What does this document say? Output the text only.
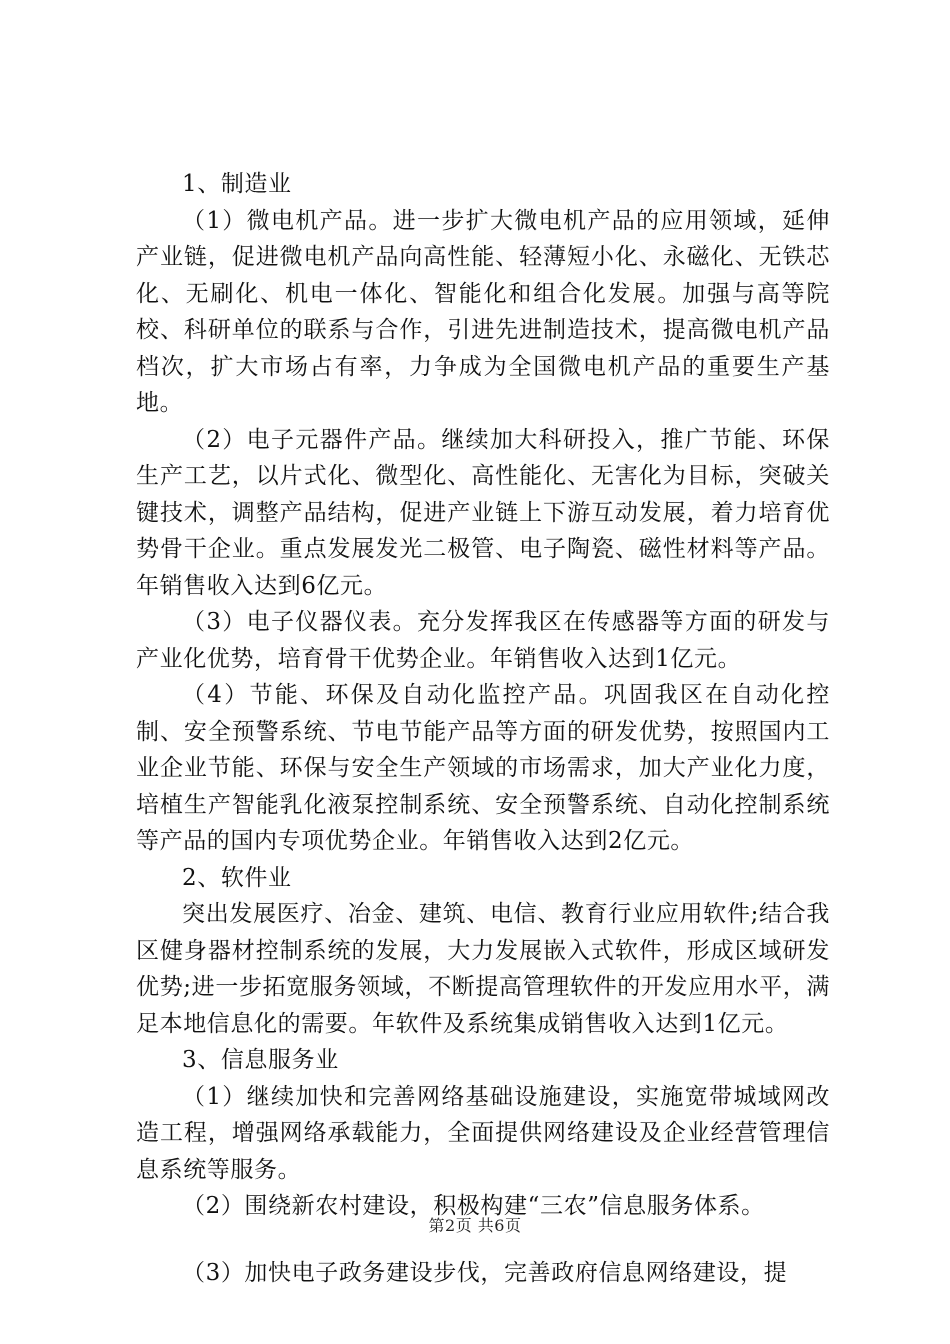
1、制造业

（1）微电机产品。进一步扩大微电机产品的应用领域，延伸产业链，促进微电机产品向高性能、轻薄短小化、永磁化、无铁芯化、无刷化、机电一体化、智能化和组合化发展。加强与高等院校、科研单位的联系与合作，引进先进制造技术，提高微电机产品档次，扩大市场占有率，力争成为全国微电机产品的重要生产基地。

（2）电子元器件产品。继续加大科研投入，推广节能、环保生产工艺，以片式化、微型化、高性能化、无害化为目标，突破关键技术，调整产品结构，促进产业链上下游互动发展，着力培育优势骨干企业。重点发展发光二极管、电子陶瓷、磁性材料等产品。年销售收入达到6亿元。

（3）电子仪器仪表。充分发挥我区在传感器等方面的研发与产业化优势，培育骨干优势企业。年销售收入达到1亿元。

（4）节能、环保及自动化监控产品。巩固我区在自动化控制、安全预警系统、节电节能产品等方面的研发优势，按照国内工业企业节能、环保与安全生产领域的市场需求，加大产业化力度，培植生产智能乳化液泵控制系统、安全预警系统、自动化控制系统等产品的国内专项优势企业。年销售收入达到2亿元。

2、软件业

突出发展医疗、冶金、建筑、电信、教育行业应用软件;结合我区健身器材控制系统的发展，大力发展嵌入式软件，形成区域研发优势;进一步拓宽服务领域，不断提高管理软件的开发应用水平，满足本地信息化的需要。年软件及系统集成销售收入达到1亿元。

3、信息服务业

（1）继续加快和完善网络基础设施建设，实施宽带城域网改造工程，增强网络承载能力，全面提供网络建设及企业经营管理信息系统等服务。

（2）围绕新农村建设，积极构建“三农”信息服务体系。

（3）加快电子政务建设步伐，完善政府信息网络建设，提

第2页 共6页
